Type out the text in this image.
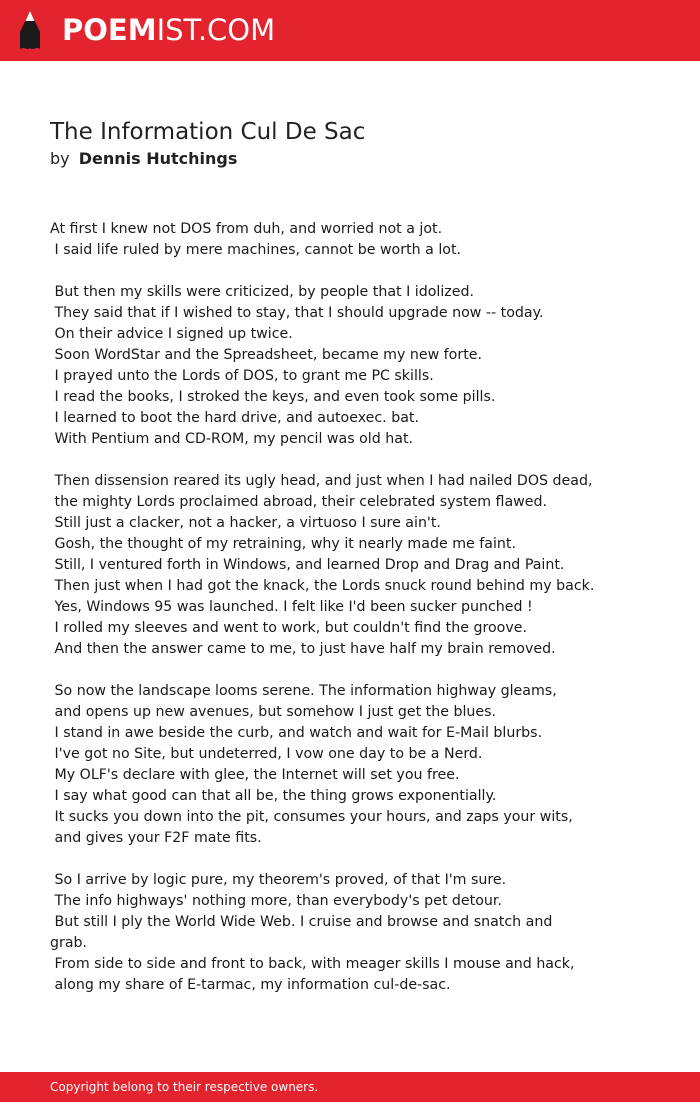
POEMIST.COM
The Information Cul De Sac
by Dennis Hutchings
At first I knew not DOS from duh, and worried not a jot.
I said life ruled by mere machines, cannot be worth a lot.
But then my skills were criticized, by people that I idolized.
They said that if I wished to stay, that I should upgrade now -- today.
On their advice I signed up twice.
Soon WordStar and the Spreadsheet, became my new forte.
I prayed unto the Lords of DOS, to grant me PC skills.
I read the books, I stroked the keys, and even took some pills.
I learned to boot the hard drive, and autoexec. bat.
With Pentium and CD-ROM, my pencil was old hat.
Then dissension reared its ugly head, and just when I had nailed DOS dead,
the mighty Lords proclaimed abroad, their celebrated system flawed.
Still just a clacker, not a hacker, a virtuoso I sure ain't.
Gosh, the thought of my retraining, why it nearly made me faint.
Still, I ventured forth in Windows, and learned Drop and Drag and Paint.
Then just when I had got the knack, the Lords snuck round behind my back.
Yes, Windows 95 was launched. I felt like I'd been sucker punched !
I rolled my sleeves and went to work, but couldn't find the groove.
And then the answer came to me, to just have half my brain removed.
So now the landscape looms serene. The information highway gleams,
and opens up new avenues, but somehow I just get the blues.
I stand in awe beside the curb, and watch and wait for E-Mail blurbs.
I've got no Site, but undeterred, I vow one day to be a Nerd.
My OLF's declare with glee, the Internet will set you free.
I say what good can that all be, the thing grows exponentially.
It sucks you down into the pit, consumes your hours, and zaps your wits,
and gives your F2F mate fits.
So I arrive by logic pure, my theorem's proved, of that I'm sure.
The info highways' nothing more, than everybody's pet detour.
But still I ply the World Wide Web. I cruise and browse and snatch and
grab.
From side to side and front to back, with meager skills I mouse and hack,
along my share of E-tarmac, my information cul-de-sac.
Copyright belong to their respective owners.
